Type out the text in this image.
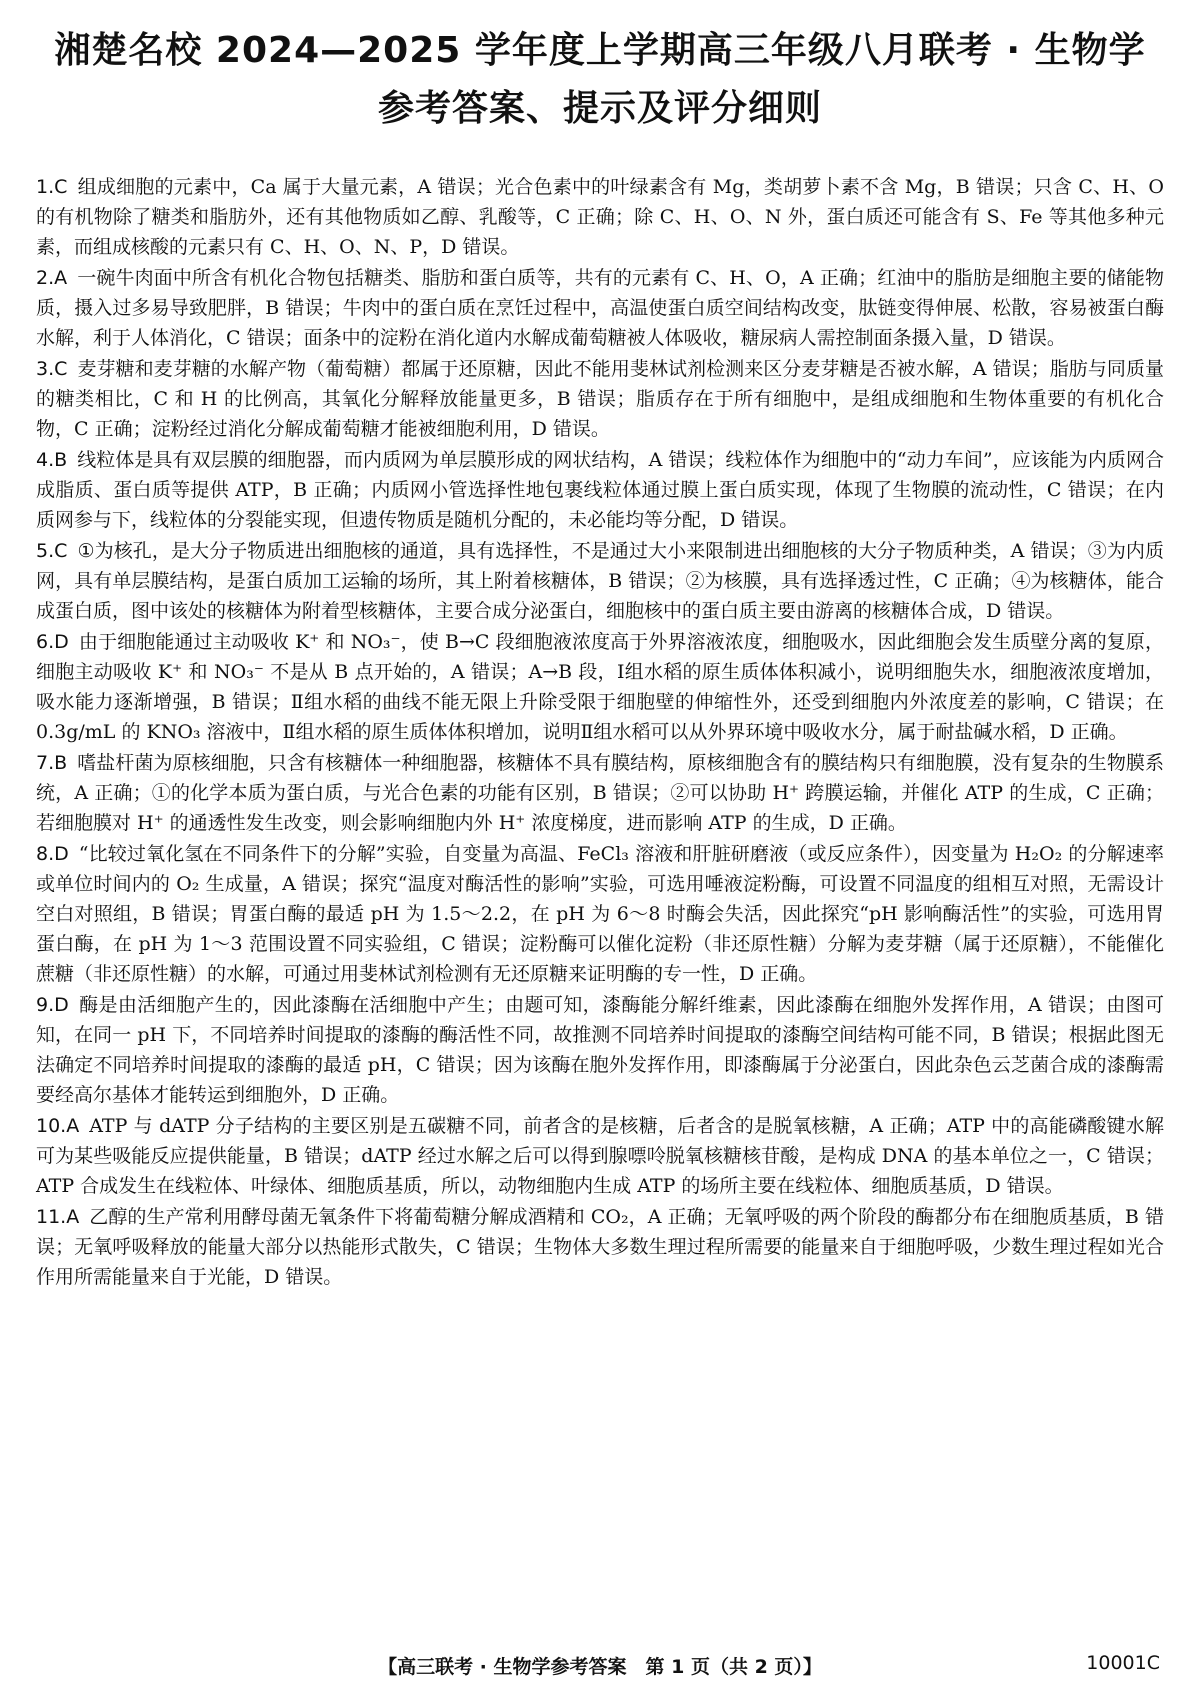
湘楚名校 2024—2025 学年度上学期高三年级八月联考 · 生物学
参考答案、提示及评分细则

1.C 组成细胞的元素中，Ca 属于大量元素，A 错误；光合色素中的叶绿素含有 Mg，类胡萝卜素不含 Mg，B 错误；只含 C、H、O 的有机物除了糖类和脂肪外，还有其他物质如乙醇、乳酸等，C 正确；除 C、H、O、N 外，蛋白质还可能含有 S、Fe 等其他多种元素，而组成核酸的元素只有 C、H、O、N、P，D 错误。

2.A 一碗牛肉面中所含有机化合物包括糖类、脂肪和蛋白质等，共有的元素有 C、H、O，A 正确；红油中的脂肪是细胞主要的储能物质，摄入过多易导致肥胖，B 错误；牛肉中的蛋白质在烹饪过程中，高温使蛋白质空间结构改变，肽链变得伸展、松散，容易被蛋白酶水解，利于人体消化，C 错误；面条中的淀粉在消化道内水解成葡萄糖被人体吸收，糖尿病人需控制面条摄入量，D 错误。

3.C 麦芽糖和麦芽糖的水解产物（葡萄糖）都属于还原糖，因此不能用斐林试剂检测来区分麦芽糖是否被水解，A 错误；脂肪与同质量的糖类相比，C 和 H 的比例高，其氧化分解释放能量更多，B 错误；脂质存在于所有细胞中，是组成细胞和生物体重要的有机化合物，C 正确；淀粉经过消化分解成葡萄糖才能被细胞利用，D 错误。

4.B 线粒体是具有双层膜的细胞器，而内质网为单层膜形成的网状结构，A 错误；线粒体作为细胞中的“动力车间”，应该能为内质网合成脂质、蛋白质等提供 ATP，B 正确；内质网小管选择性地包裹线粒体通过膜上蛋白质实现，体现了生物膜的流动性，C 错误；在内质网参与下，线粒体的分裂能实现，但遗传物质是随机分配的，未必能均等分配，D 错误。

5.C ①为核孔，是大分子物质进出细胞核的通道，具有选择性，不是通过大小来限制进出细胞核的大分子物质种类，A 错误；③为内质网，具有单层膜结构，是蛋白质加工运输的场所，其上附着核糖体，B 错误；②为核膜，具有选择透过性，C 正确；④为核糖体，能合成蛋白质，图中该处的核糖体为附着型核糖体，主要合成分泌蛋白，细胞核中的蛋白质主要由游离的核糖体合成，D 错误。

6.D 由于细胞能通过主动吸收 K⁺ 和 NO₃⁻，使 B→C 段细胞液浓度高于外界溶液浓度，细胞吸水，因此细胞会发生质壁分离的复原，细胞主动吸收 K⁺ 和 NO₃⁻ 不是从 B 点开始的，A 错误；A→B 段，Ⅰ组水稻的原生质体体积减小，说明细胞失水，细胞液浓度增加，吸水能力逐渐增强，B 错误；Ⅱ组水稻的曲线不能无限上升除受限于细胞壁的伸缩性外，还受到细胞内外浓度差的影响，C 错误；在 0.3g/mL 的 KNO₃ 溶液中，Ⅱ组水稻的原生质体体积增加，说明Ⅱ组水稻可以从外界环境中吸收水分，属于耐盐碱水稻，D 正确。

7.B 嗜盐杆菌为原核细胞，只含有核糖体一种细胞器，核糖体不具有膜结构，原核细胞含有的膜结构只有细胞膜，没有复杂的生物膜系统，A 正确；①的化学本质为蛋白质，与光合色素的功能有区别，B 错误；②可以协助 H⁺ 跨膜运输，并催化 ATP 的生成，C 正确；若细胞膜对 H⁺ 的通透性发生改变，则会影响细胞内外 H⁺ 浓度梯度，进而影响 ATP 的生成，D 正确。

8.D “比较过氧化氢在不同条件下的分解”实验，自变量为高温、FeCl₃ 溶液和肝脏研磨液（或反应条件），因变量为 H₂O₂ 的分解速率或单位时间内的 O₂ 生成量，A 错误；探究“温度对酶活性的影响”实验，可选用唾液淀粉酶，可设置不同温度的组相互对照，无需设计空白对照组，B 错误；胃蛋白酶的最适 pH 为 1.5～2.2，在 pH 为 6～8 时酶会失活，因此探究“pH 影响酶活性”的实验，可选用胃蛋白酶，在 pH 为 1～3 范围设置不同实验组，C 错误；淀粉酶可以催化淀粉（非还原性糖）分解为麦芽糖（属于还原糖），不能催化蔗糖（非还原性糖）的水解，可通过用斐林试剂检测有无还原糖来证明酶的专一性，D 正确。

9.D 酶是由活细胞产生的，因此漆酶在活细胞中产生；由题可知，漆酶能分解纤维素，因此漆酶在细胞外发挥作用，A 错误；由图可知，在同一 pH 下，不同培养时间提取的漆酶的酶活性不同，故推测不同培养时间提取的漆酶空间结构可能不同，B 错误；根据此图无法确定不同培养时间提取的漆酶的最适 pH，C 错误；因为该酶在胞外发挥作用，即漆酶属于分泌蛋白，因此杂色云芝菌合成的漆酶需要经高尔基体才能转运到细胞外，D 正确。

10.A ATP 与 dATP 分子结构的主要区别是五碳糖不同，前者含的是核糖，后者含的是脱氧核糖，A 正确；ATP 中的高能磷酸键水解可为某些吸能反应提供能量，B 错误；dATP 经过水解之后可以得到腺嘌呤脱氧核糖核苷酸，是构成 DNA 的基本单位之一，C 错误；ATP 合成发生在线粒体、叶绿体、细胞质基质，所以，动物细胞内生成 ATP 的场所主要在线粒体、细胞质基质，D 错误。

11.A 乙醇的生产常利用酵母菌无氧条件下将葡萄糖分解成酒精和 CO₂，A 正确；无氧呼吸的两个阶段的酶都分布在细胞质基质，B 错误；无氧呼吸释放的能量大部分以热能形式散失，C 错误；生物体大多数生理过程所需要的能量来自于细胞呼吸，少数生理过程如光合作用所需能量来自于光能，D 错误。

【高三联考 · 生物学参考答案　第 1 页（共 2 页）】	10001C
